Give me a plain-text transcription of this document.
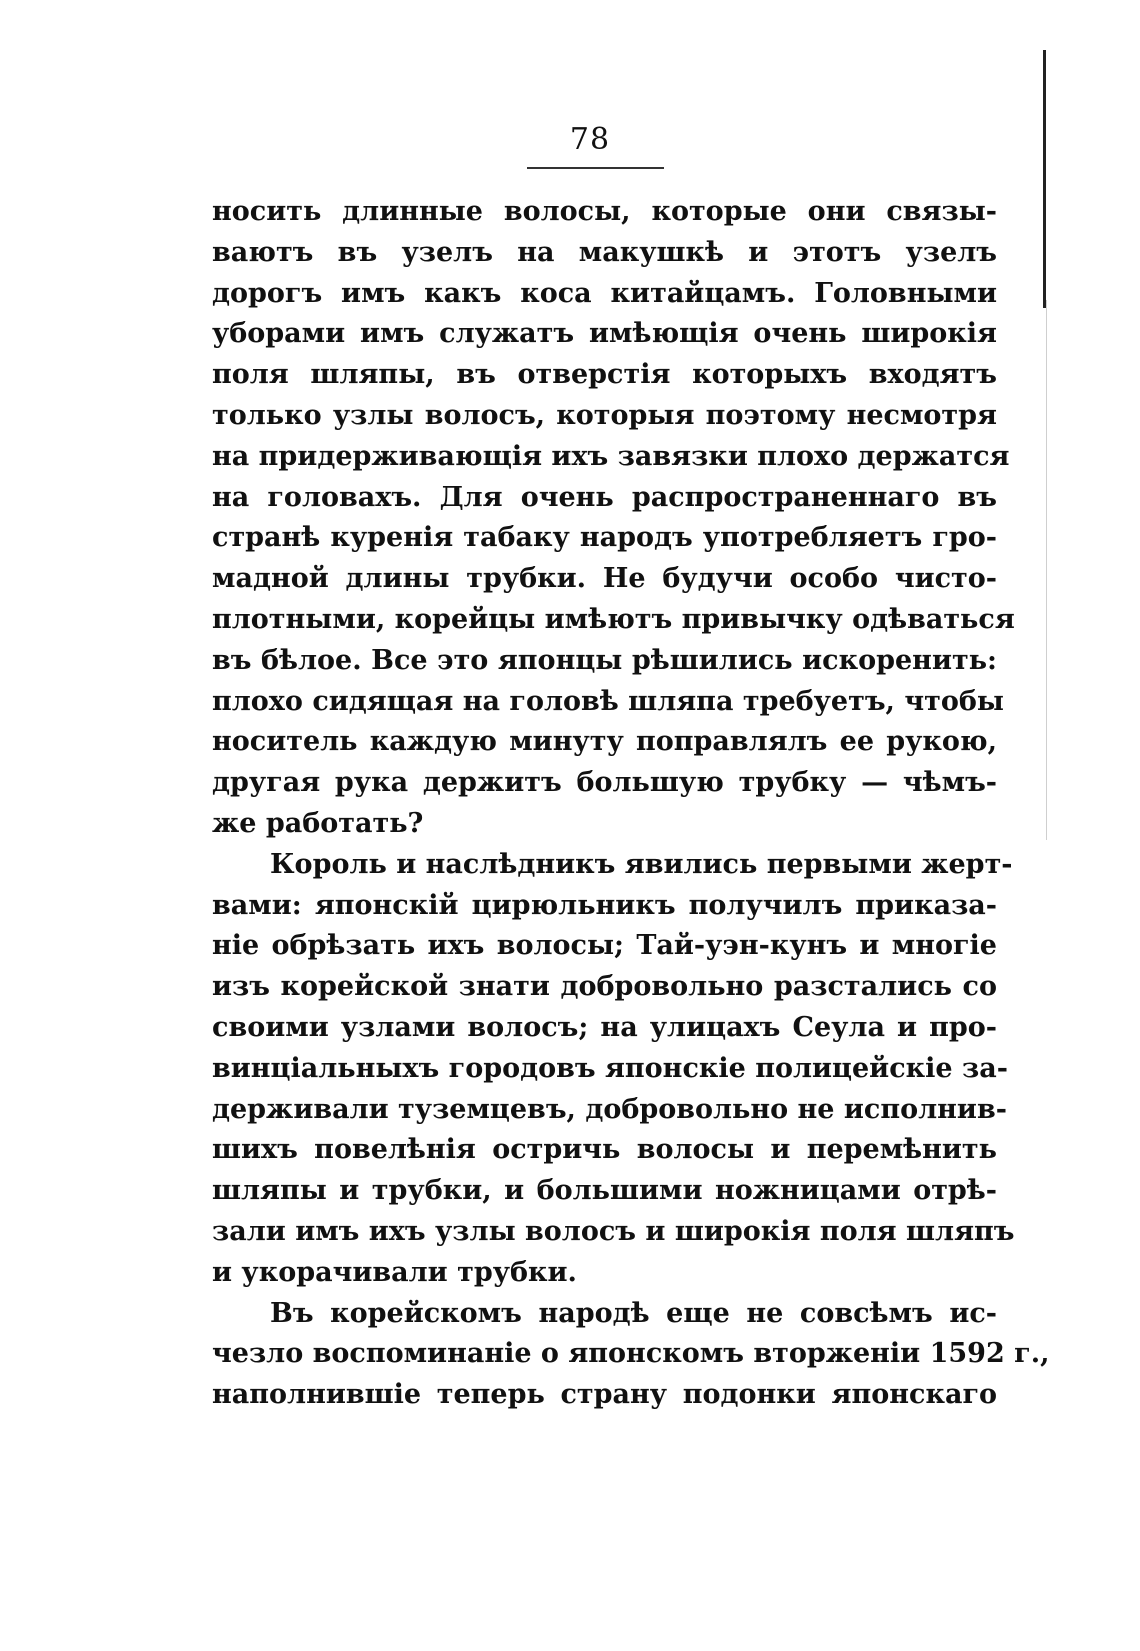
78
носить длинные волосы, которые они связы-
ваютъ въ узелъ на макушкѣ и этотъ узелъ
дорогъ имъ какъ коса китайцамъ. Головными
уборами имъ служатъ имѣющія очень широкія
поля шляпы, въ отверстія которыхъ входятъ
только узлы волосъ, которыя поэтому несмотря
на придерживающія ихъ завязки плохо держатся
на головахъ. Для очень распространеннаго въ
странѣ куренія табаку народъ употребляетъ гро-
мадной длины трубки. Не будучи особо чисто-
плотными, корейцы имѣютъ привычку одѣваться
въ бѣлое. Все это японцы рѣшились искоренить:
плохо сидящая на головѣ шляпа требуетъ, чтобы
носитель каждую минуту поправлялъ ее рукою,
другая рука держитъ большую трубку — чѣмъ-
же работать?
Король и наслѣдникъ явились первыми жерт-
вами: японскій цирюльникъ получилъ приказа-
ніе обрѣзать ихъ волосы; Тай-уэн-кунъ и многіе
изъ корейской знати добровольно разстались со
своими узлами волосъ; на улицахъ Сеула и про-
винціальныхъ городовъ японскіе полицейскіе за-
держивали туземцевъ, добровольно не исполнив-
шихъ повелѣнія остричь волосы и перемѣнить
шляпы и трубки, и большими ножницами отрѣ-
зали имъ ихъ узлы волосъ и широкія поля шляпъ
и укорачивали трубки.
Въ корейскомъ народѣ еще не совсѣмъ ис-
чезло воспоминаніе о японскомъ вторженіи 1592 г.,
наполнившіе теперь страну подонки японскаго
